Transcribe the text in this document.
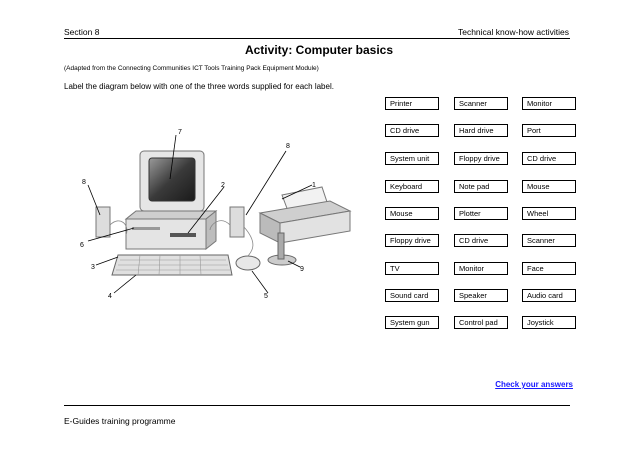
Section 8	Technical know-how activities
Activity: Computer basics
(Adapted from the Connecting Communities ICT Tools Training Pack Equipment Module)
Label the diagram below with one of the three words supplied for each label.
7
8
2	1
8
6
3
4	5
9
Printer	Scanner	Monitor
CD drive	Hard drive	Port
System unit	Floppy drive	CD drive
Keyboard	Note pad	Mouse
Mouse	Plotter	Wheel
Floppy drive	CD drive	Scanner
TV	Monitor	Face
Sound card	Speaker	Audio card
System gun	Control pad	Joystick
Check your answers
E-Guides training programme
